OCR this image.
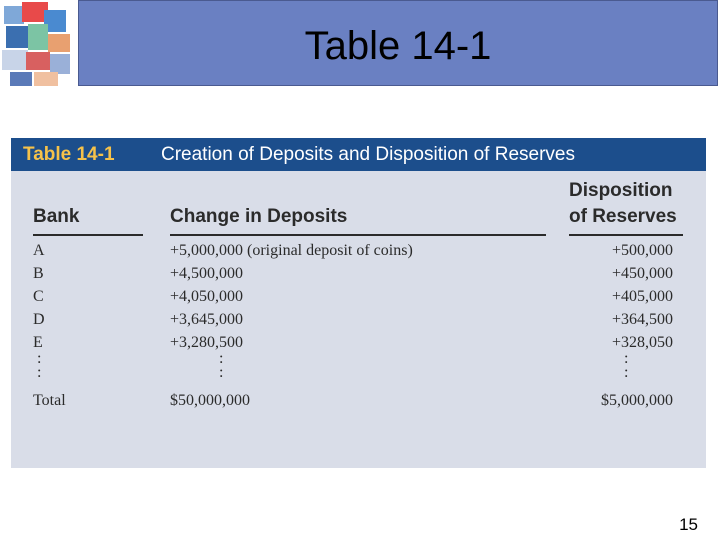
Table 14-1
Table 14-1 Creation of Deposits and Disposition of Reserves
Bank	Change in Deposits
Disposition
of Reserves
A	+5,000,000 (original deposit of coins)	+500,000
B	+4,500,000	+450,000
C	+4,050,000	+405,000
D	+3,645,000	+364,500
E	+3,280,500	+328,050
:
:
:
:
:
:
Total	$50,000,000	$5,000,000
15
